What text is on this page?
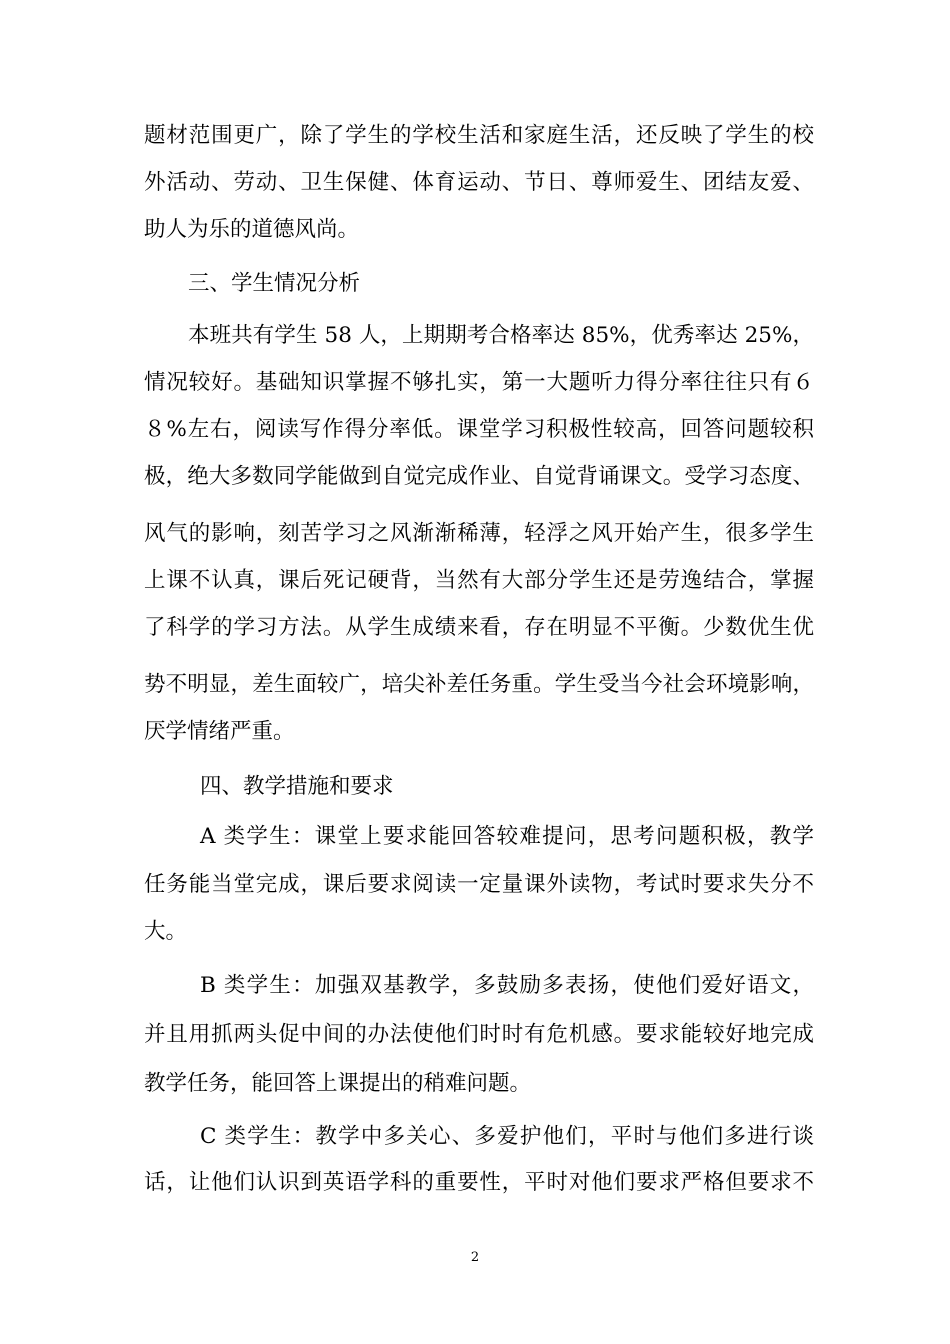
题材范围更广，除了学生的学校生活和家庭生活，还反映了学生的校
外活动、劳动、卫生保健、体育运动、节日、尊师爱生、团结友爱、
助人为乐的道德风尚。
三、学生情况分析
本班共有学生 58 人，上期期考合格率达 85%，优秀率达 25%，
情况较好。基础知识掌握不够扎实，第一大题听力得分率往往只有６
８%左右，阅读写作得分率低。课堂学习积极性较高，回答问题较积
极，绝大多数同学能做到自觉完成作业、自觉背诵课文。受学习态度、
风气的影响，刻苦学习之风渐渐稀薄，轻浮之风开始产生，很多学生
上课不认真，课后死记硬背，当然有大部分学生还是劳逸结合，掌握
了科学的学习方法。从学生成绩来看，存在明显不平衡。少数优生优
势不明显，差生面较广，培尖补差任务重。学生受当今社会环境影响，
厌学情绪严重。
四、教学措施和要求
A 类学生：课堂上要求能回答较难提问，思考问题积极，教学
任务能当堂完成，课后要求阅读一定量课外读物，考试时要求失分不
大。
B 类学生：加强双基教学，多鼓励多表扬，使他们爱好语文，
并且用抓两头促中间的办法使他们时时有危机感。要求能较好地完成
教学任务，能回答上课提出的稍难问题。
C 类学生：教学中多关心、多爱护他们，平时与他们多进行谈
话，让他们认识到英语学科的重要性，平时对他们要求严格但要求不
2
